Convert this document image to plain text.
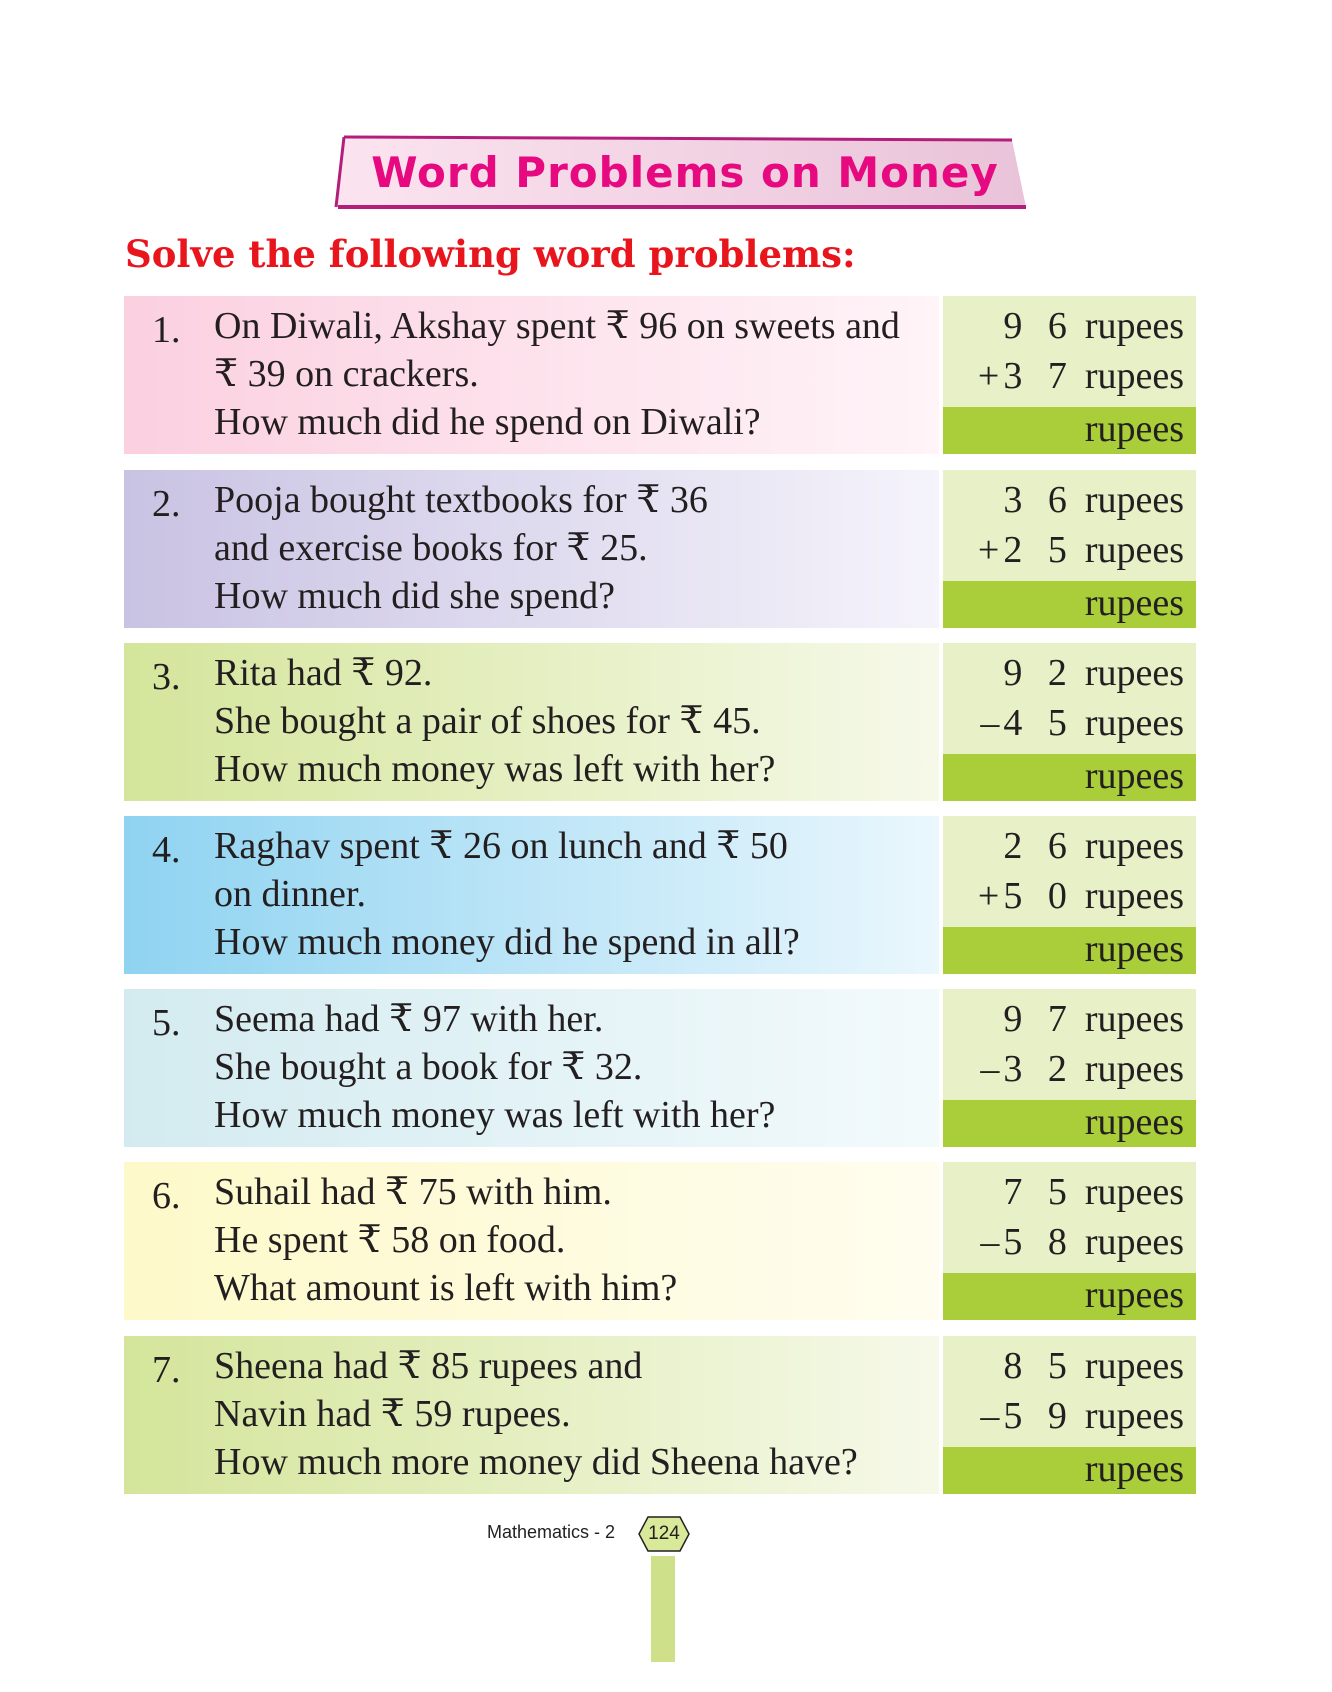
Word Problems on Money
Solve the following word problems:
1. On Diwali, Akshay spent ₹ 96 on sweets and
₹ 39 on crackers.
How much did he spend on Diwali?
9 6 rupees
+ 3 7 rupees
rupees
2. Pooja bought textbooks for ₹ 36
and exercise books for ₹ 25.
How much did she spend?
3 6 rupees
+ 2 5 rupees
rupees
3. Rita had ₹ 92.
She bought a pair of shoes for ₹ 45.
How much money was left with her?
9 2 rupees
– 4 5 rupees
rupees
4. Raghav spent ₹ 26 on lunch and ₹ 50
on dinner.
How much money did he spend in all?
2 6 rupees
+ 5 0 rupees
rupees
5. Seema had ₹ 97 with her.
She bought a book for ₹ 32.
How much money was left with her?
9 7 rupees
– 3 2 rupees
rupees
6. Suhail had ₹ 75 with him.
He spent ₹ 58 on food.
What amount is left with him?
7 5 rupees
– 5 8 rupees
rupees
7. Sheena had ₹ 85 rupees and
Navin had ₹ 59 rupees.
How much more money did Sheena have?
8 5 rupees
– 5 9 rupees
rupees
Mathematics - 2	124
